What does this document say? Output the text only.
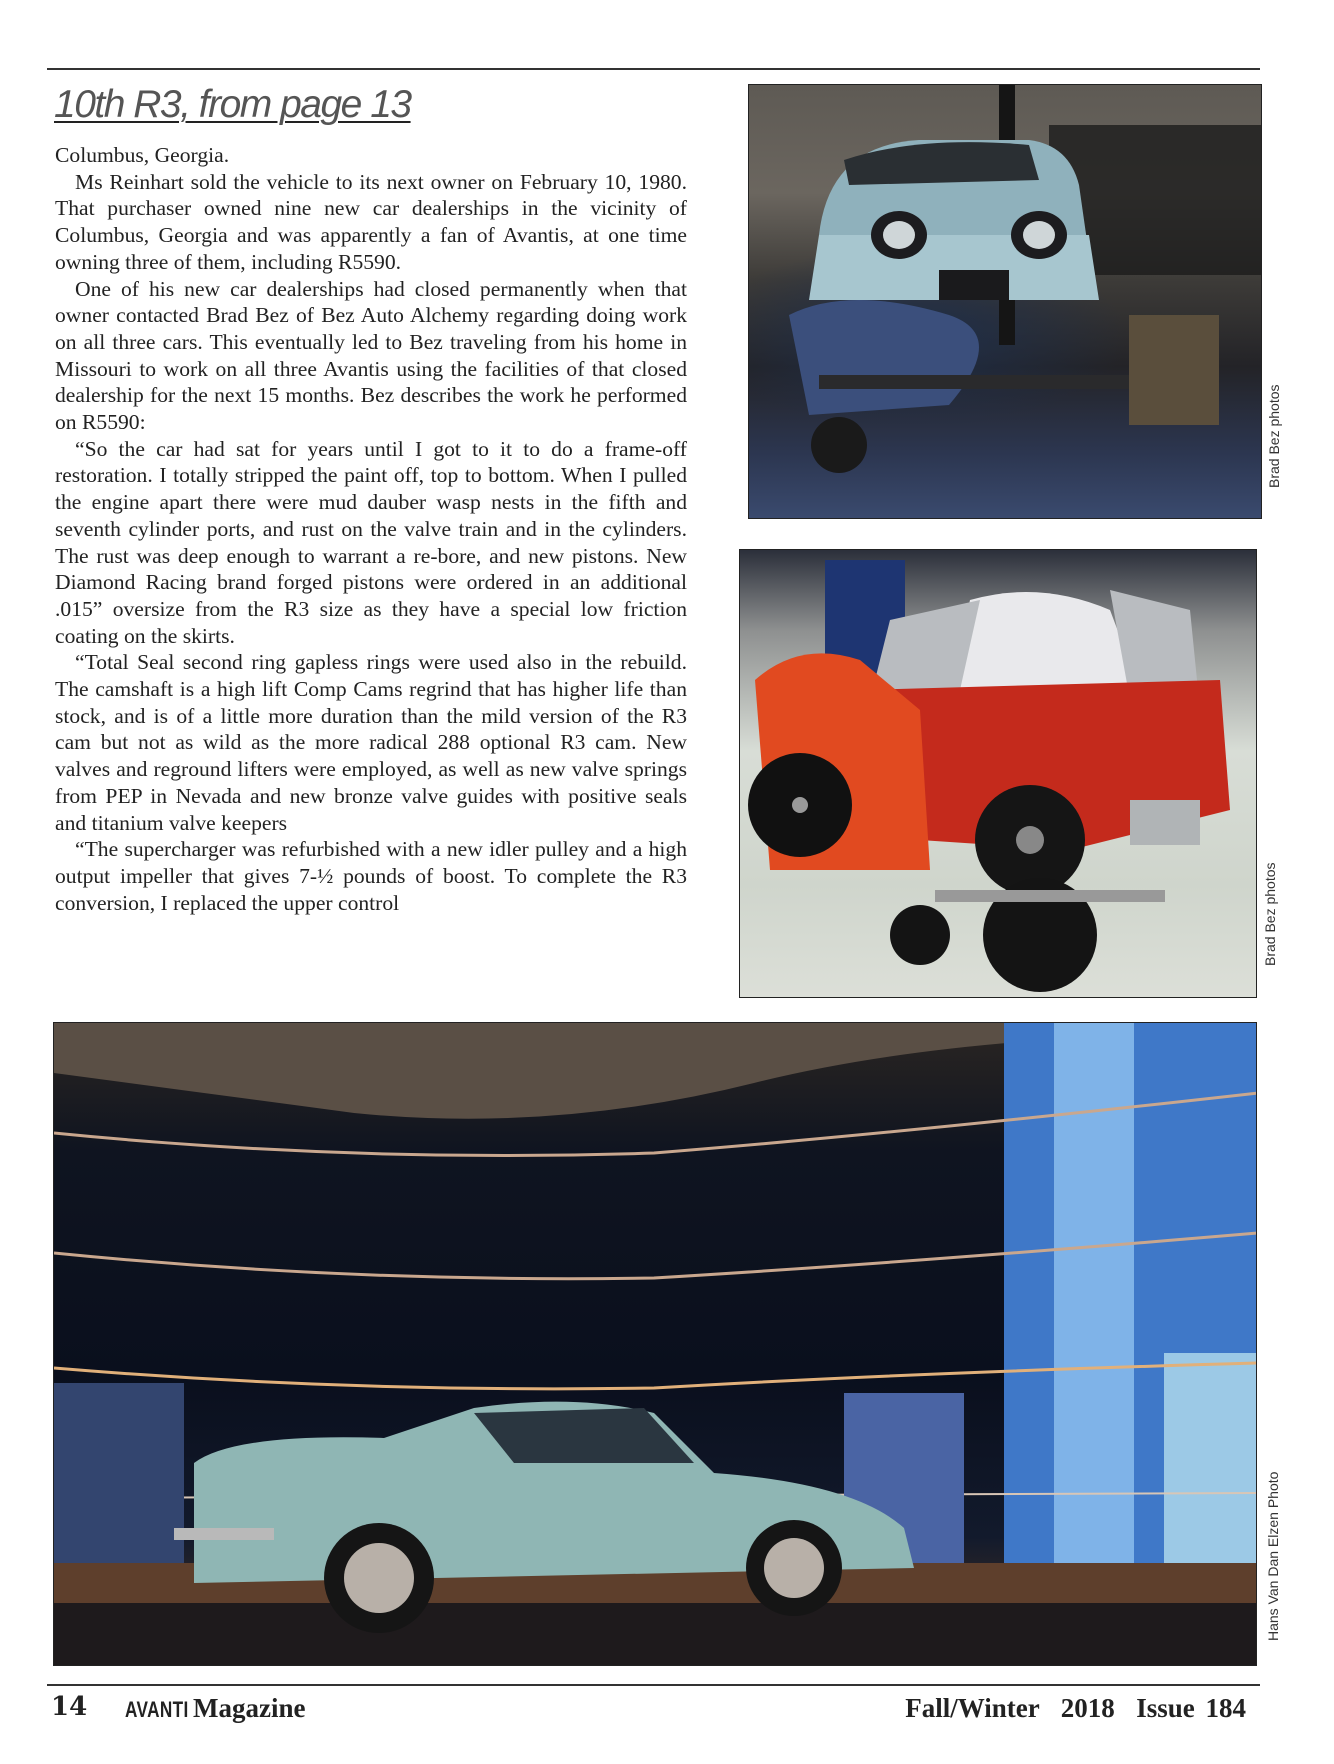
10th R3, from page 13

Columbus, Georgia.

Ms Reinhart sold the vehicle to its next owner on February 10, 1980. That purchaser owned nine new car dealerships in the vicinity of Columbus, Georgia and was apparently a fan of Avantis, at one time owning three of them, including R5590.

One of his new car dealerships had closed permanently when that owner contacted Brad Bez of Bez Auto Alchemy regarding doing work on all three cars. This eventually led to Bez traveling from his home in Missouri to work on all three Avantis using the facilities of that closed dealership for the next 15 months. Bez describes the work he performed on R5590:

“So the car had sat for years until I got to it to do a frame-off restoration. I totally stripped the paint off, top to bottom. When I pulled the engine apart there were mud dauber wasp nests in the fifth and seventh cylinder ports, and rust on the valve train and in the cylinders. The rust was deep enough to warrant a re-bore, and new pistons. New Diamond Racing brand forged pistons were ordered in an additional .015” oversize from the R3 size as they have a special low friction coating on the skirts.

“Total Seal second ring gapless rings were used also in the rebuild. The camshaft is a high lift Comp Cams regrind that has higher life than stock, and is of a little more duration than the mild version of the R3 cam but not as wild as the more radical 288 optional R3 cam. New valves and reground lifters were employed, as well as new valve springs from PEP in Nevada and new bronze valve guides with positive seals and titanium valve keepers

“The supercharger was refurbished with a new idler pulley and a high output impeller that gives 7-½ pounds of boost. To complete the R3 conversion, I replaced the upper control

Brad Bez photos
Brad Bez photos
Hans Van Dan Elzen Photo
14 AVANTI Magazine	Fall/Winter  2018  Issue 184
